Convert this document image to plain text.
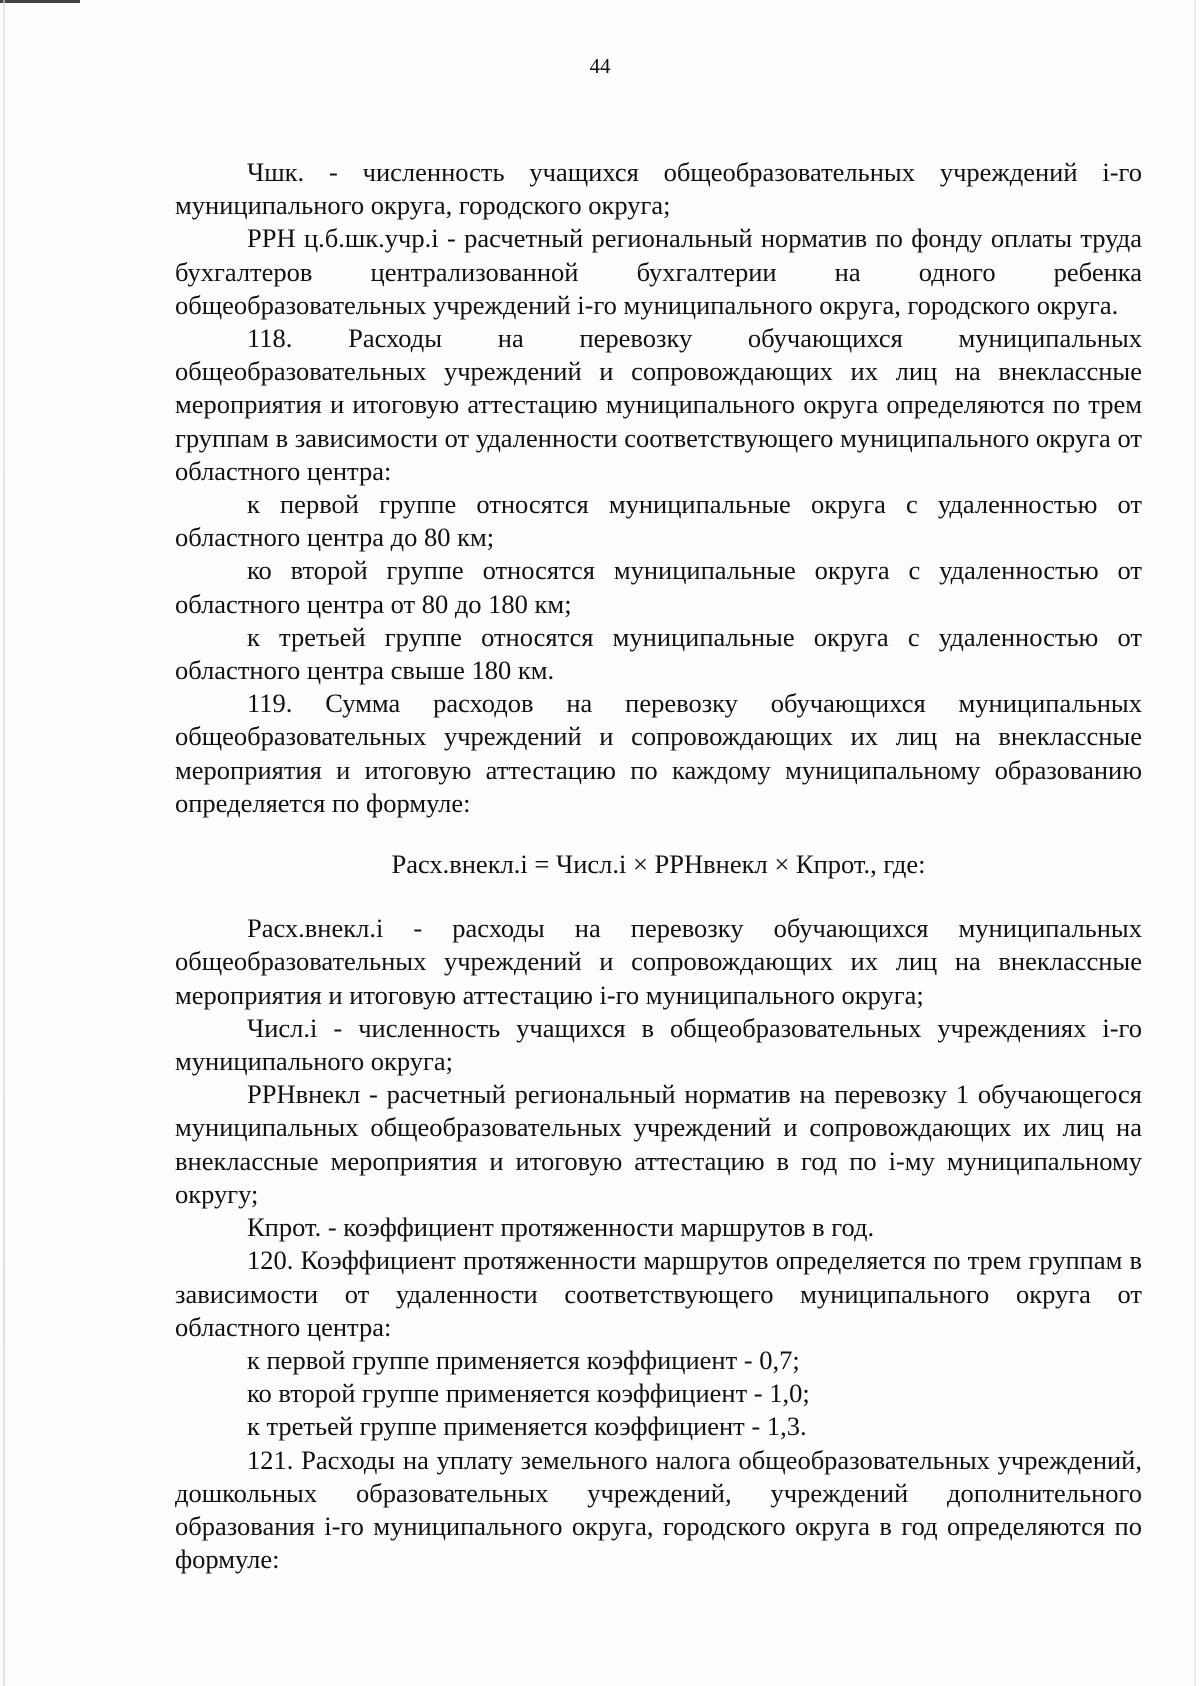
44

Чшк. - численность учащихся общеобразовательных учреждений i-го муниципального округа, городского округа;

РРН ц.б.шк.учр.i - расчетный региональный норматив по фонду оплаты труда бухгалтеров централизованной бухгалтерии на одного ребенка общеобразовательных учреждений i-го муниципального округа, городского округа.

118. Расходы на перевозку обучающихся муниципальных общеобразовательных учреждений и сопровождающих их лиц на внеклассные мероприятия и итоговую аттестацию муниципального округа определяются по трем группам в зависимости от удаленности соответствующего муниципального округа от областного центра:

к первой группе относятся муниципальные округа с удаленностью от областного центра до 80 км;

ко второй группе относятся муниципальные округа с удаленностью от областного центра от 80 до 180 км;

к третьей группе относятся муниципальные округа с удаленностью от областного центра свыше 180 км.

119. Сумма расходов на перевозку обучающихся муниципальных общеобразовательных учреждений и сопровождающих их лиц на внеклассные мероприятия и итоговую аттестацию по каждому муниципальному образованию определяется по формуле:

Расх.внекл.i = Числ.i × РРНвнекл × Кпрот., где:

Расх.внекл.i - расходы на перевозку обучающихся муниципальных общеобразовательных учреждений и сопровождающих их лиц на внеклассные мероприятия и итоговую аттестацию i-го муниципального округа;

Числ.i - численность учащихся в общеобразовательных учреждениях i-го муниципального округа;

РРНвнекл - расчетный региональный норматив на перевозку 1 обучающегося муниципальных общеобразовательных учреждений и сопровождающих их лиц на внеклассные мероприятия и итоговую аттестацию в год по i-му муниципальному округу;

Кпрот. - коэффициент протяженности маршрутов в год.

120. Коэффициент протяженности маршрутов определяется по трем группам в зависимости от удаленности соответствующего муниципального округа от областного центра:

к первой группе применяется коэффициент - 0,7;

ко второй группе применяется коэффициент - 1,0;

к третьей группе применяется коэффициент - 1,3.

121. Расходы на уплату земельного налога общеобразовательных учреждений, дошкольных образовательных учреждений, учреждений дополнительного образования i-го муниципального округа, городского округа в год определяются по формуле:
